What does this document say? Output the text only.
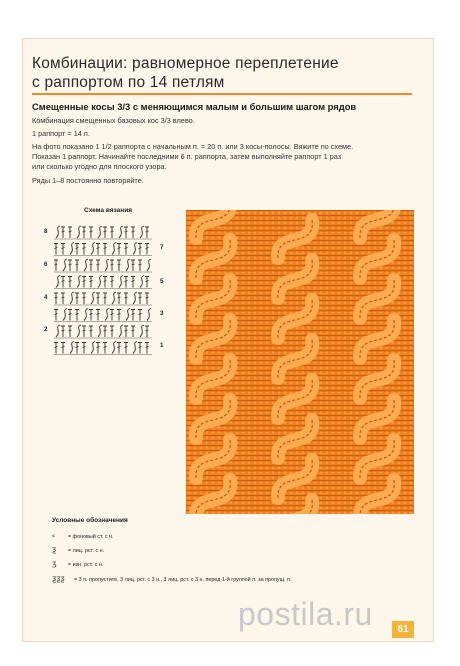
Комбинации: равномерное переплетение
с раппортом по 14 петлям
Смещенные косы 3/3 с меняющимся малым и большим шагом рядов
Комбинация смещенных базовых кос 3/3 влево.
1 раппорт = 14 п.
На фото показано 1 1/2 раппорта с начальным п. = 20 п. или 3 косы-полосы. Вяжите по схеме.
Показан 1 раппорт. Начинайте последними 6 п. раппорта, затем выполняйте раппорт 1 раз
или сколько угодно для плоского узора.
Ряды 1–8 постоянно повторяйте.
Схема вязания
8
6
4
2
7
5
3
1
Условные обозначения
⸗ = фоновый ст. с н.
ƺ = лиц. рст. с н.
ʒ = изн. рст. с н.
ƺƺƺ = 3 п. пропустите, 3 лиц. рст. с 3 н., 3 лиц. рст. с 3 н. перед 1-й группой п. за пропущ. п.
postila.ru	61
